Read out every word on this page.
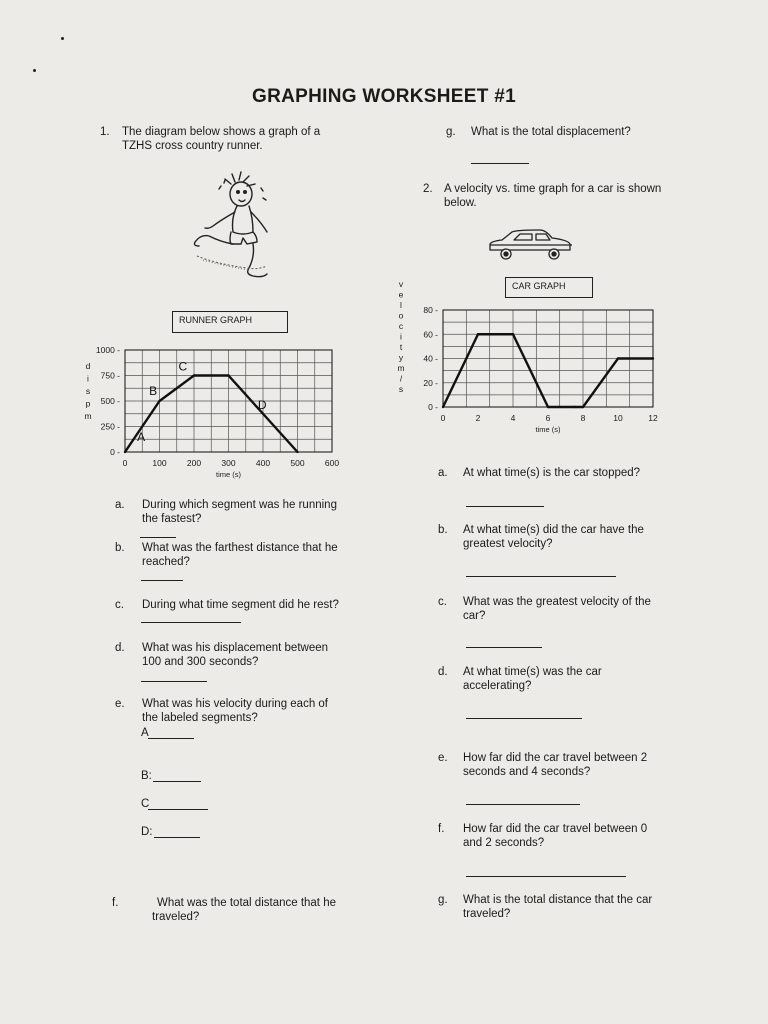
GRAPHING WORKSHEET #1
1. The diagram below shows a graph of a
TZHS cross country runner.
RUNNER GRAPH
0	100 200 300 400 500 600
0 -
250 -
500 -
750 -
1000 -
time (s)
d
i
s
p
m
A
B
C
D
a. During which segment was he running
the fastest?
b. What was the farthest distance that he
reached?
c. During what time segment did he rest?
d. What was his displacement between
100 and 300 seconds?
e. What was his velocity during each of
the labeled segments?
f.	What was the total distance that he
traveled?
A
B:
C
D:
g. What is the total displacement?
2. A velocity vs. time graph for a car is shown
below.
CAR GRAPH
0	2	4	6	8	10	12
0 -
20 -
40 -
60 -
80 -
time (s)
v
e
l
o
c
i
t
y
m
/
s
a. At what time(s) is the car stopped?
b. At what time(s) did the car have the
greatest velocity?
c. What was the greatest velocity of the
car?
d. At what time(s) was the car
accelerating?
e. How far did the car travel between 2
seconds and 4 seconds?
f. How far did the car travel between 0
and 2 seconds?
g. What is the total distance that the car
traveled?
